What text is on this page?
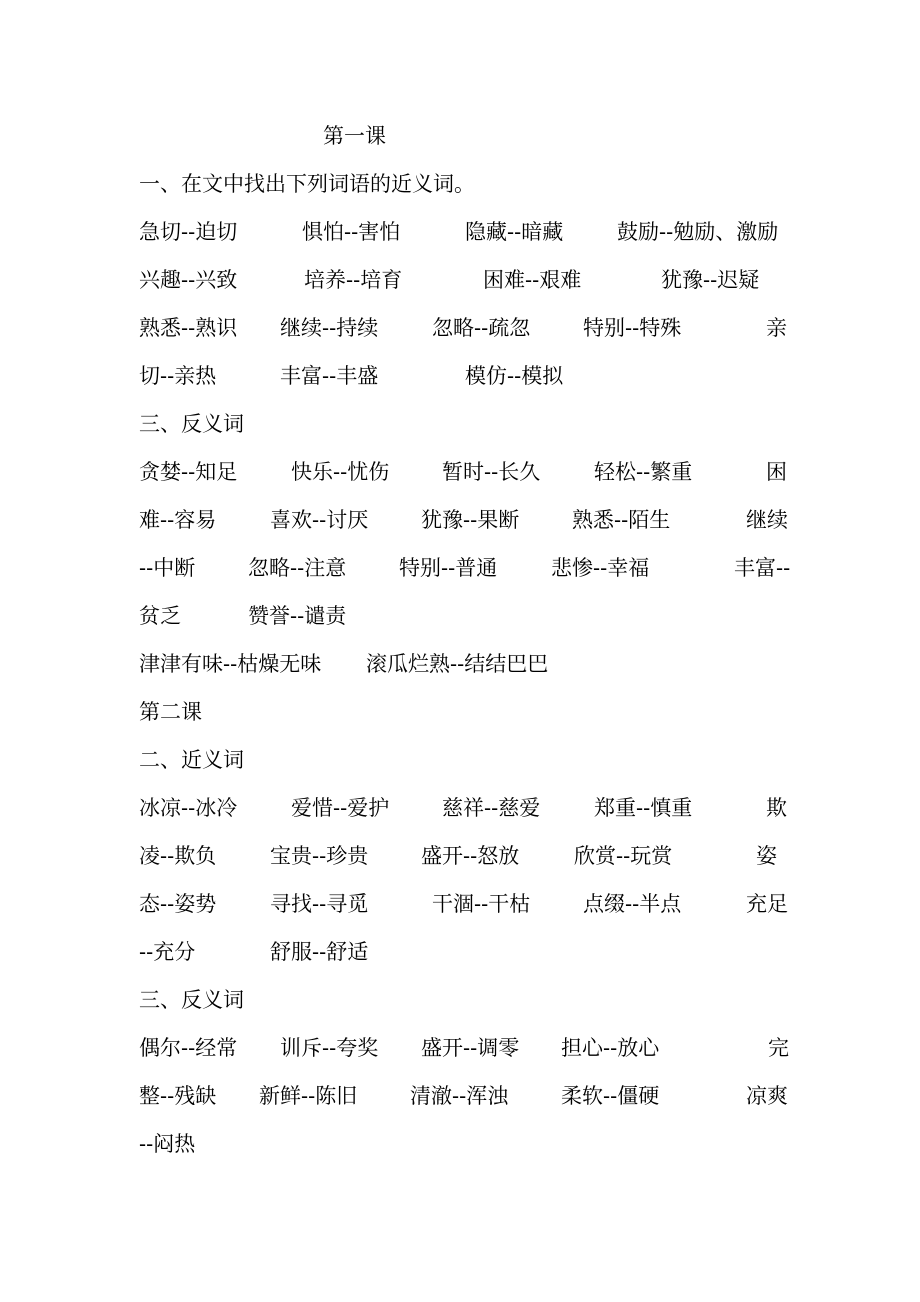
第一课
一、在文中找出下列词语的近义词。
急切--迫切	惧怕--害怕	隐藏--暗藏	鼓励--勉励、激励
兴趣--兴致	培养--培育	困难--艰难	犹豫--迟疑
熟悉--熟识 继续--持续	忽略--疏忽	特别--特殊	亲
切--亲热	丰富--丰盛	模仿--模拟
三、反义词
贪婪--知足	快乐--忧伤	暂时--长久	轻松--繁重	困
难--容易	喜欢--讨厌	犹豫--果断	熟悉--陌生	继续
--中断	忽略--注意	特别--普通	悲惨--幸福	丰富--
贫乏	赞誉--谴责
津津有味--枯燥无味 滚瓜烂熟--结结巴巴
第二课
二、近义词
冰凉--冰冷	爱惜--爱护	慈祥--慈爱	郑重--慎重	欺
凌--欺负	宝贵--珍贵	盛开--怒放	欣赏--玩赏	姿
态--姿势	寻找--寻觅	干涸--干枯	点缀--半点	充足
--充分	舒服--舒适
三、反义词
偶尔--经常 训斥--夸奖 盛开--调零 担心--放心	完
整--残缺 新鲜--陈旧	清澈--浑浊	柔软--僵硬	凉爽
--闷热
